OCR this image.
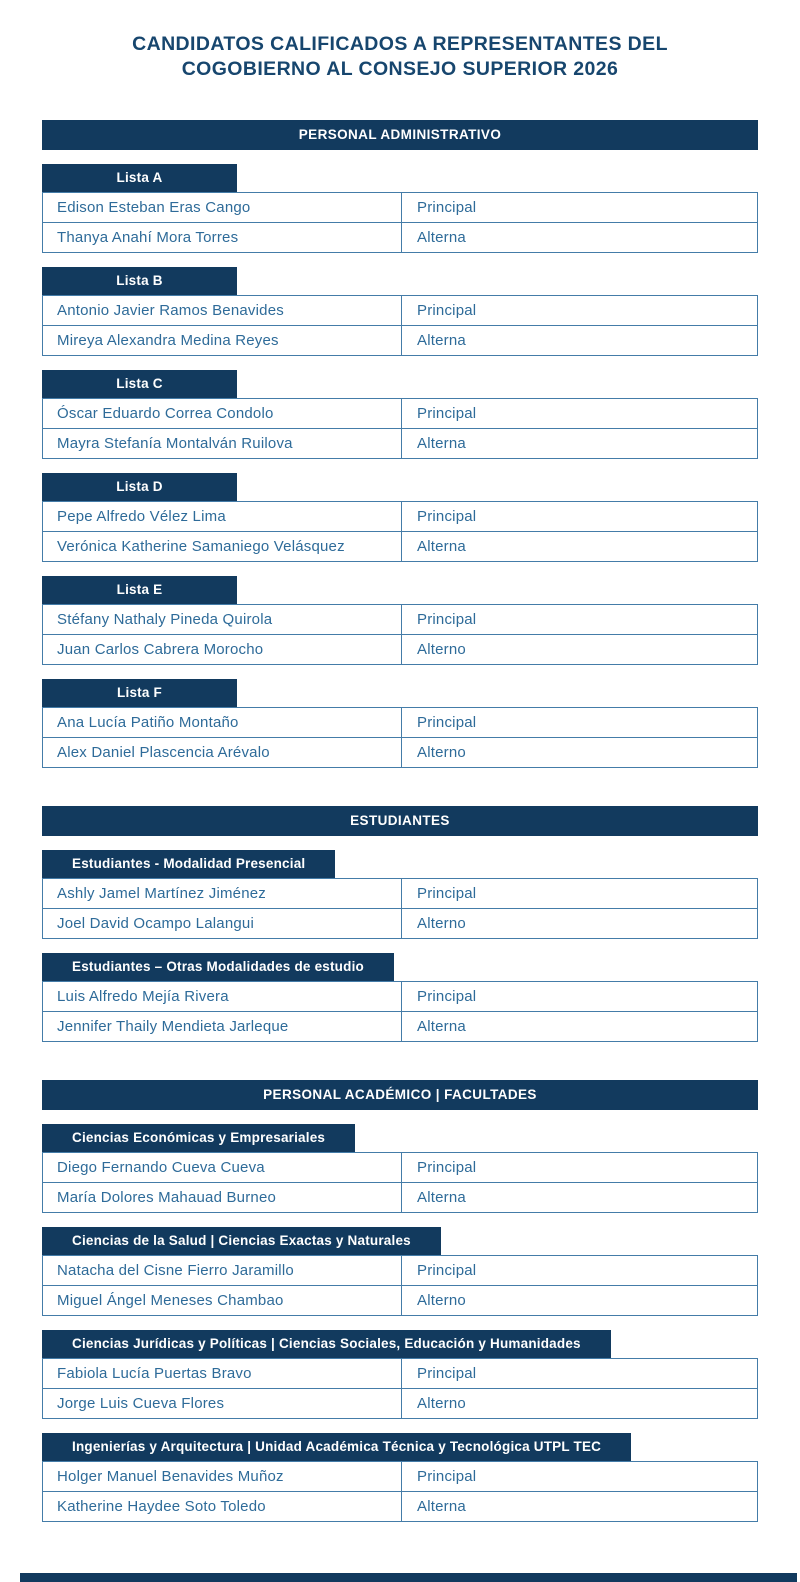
CANDIDATOS CALIFICADOS A REPRESENTANTES DEL
COGOBIERNO AL CONSEJO SUPERIOR 2026
PERSONAL ADMINISTRATIVO
Lista A
Edison Esteban Eras Cango	Principal
Thanya Anahí Mora Torres	Alterna
Lista B
Antonio Javier Ramos Benavides	Principal
Mireya Alexandra Medina Reyes	Alterna
Lista C
Óscar Eduardo Correa Condolo	Principal
Mayra Stefanía Montalván Ruilova	Alterna
Lista D
Pepe Alfredo Vélez Lima	Principal
Verónica Katherine Samaniego Velásquez	Alterna
Lista E
Stéfany Nathaly Pineda Quirola	Principal
Juan Carlos Cabrera Morocho	Alterno
Lista F
Ana Lucía Patiño Montaño	Principal
Alex Daniel Plascencia Arévalo	Alterno
ESTUDIANTES
Estudiantes - Modalidad Presencial
Ashly Jamel Martínez Jiménez	Principal
Joel David Ocampo Lalangui	Alterno
Estudiantes – Otras Modalidades de estudio
Luis Alfredo Mejía Rivera	Principal
Jennifer Thaily Mendieta Jarleque	Alterna
PERSONAL ACADÉMICO | FACULTADES
Ciencias Económicas y Empresariales
Diego Fernando Cueva Cueva	Principal
María Dolores Mahauad Burneo	Alterna
Ciencias de la Salud | Ciencias Exactas y Naturales
Natacha del Cisne Fierro Jaramillo	Principal
Miguel Ángel Meneses Chambao	Alterno
Ciencias Jurídicas y Políticas | Ciencias Sociales, Educación y Humanidades
Fabiola Lucía Puertas Bravo	Principal
Jorge Luis Cueva Flores	Alterno
Ingenierías y Arquitectura | Unidad Académica Técnica y Tecnológica UTPL TEC
Holger Manuel Benavides Muñoz	Principal
Katherine Haydee Soto Toledo	Alterna
